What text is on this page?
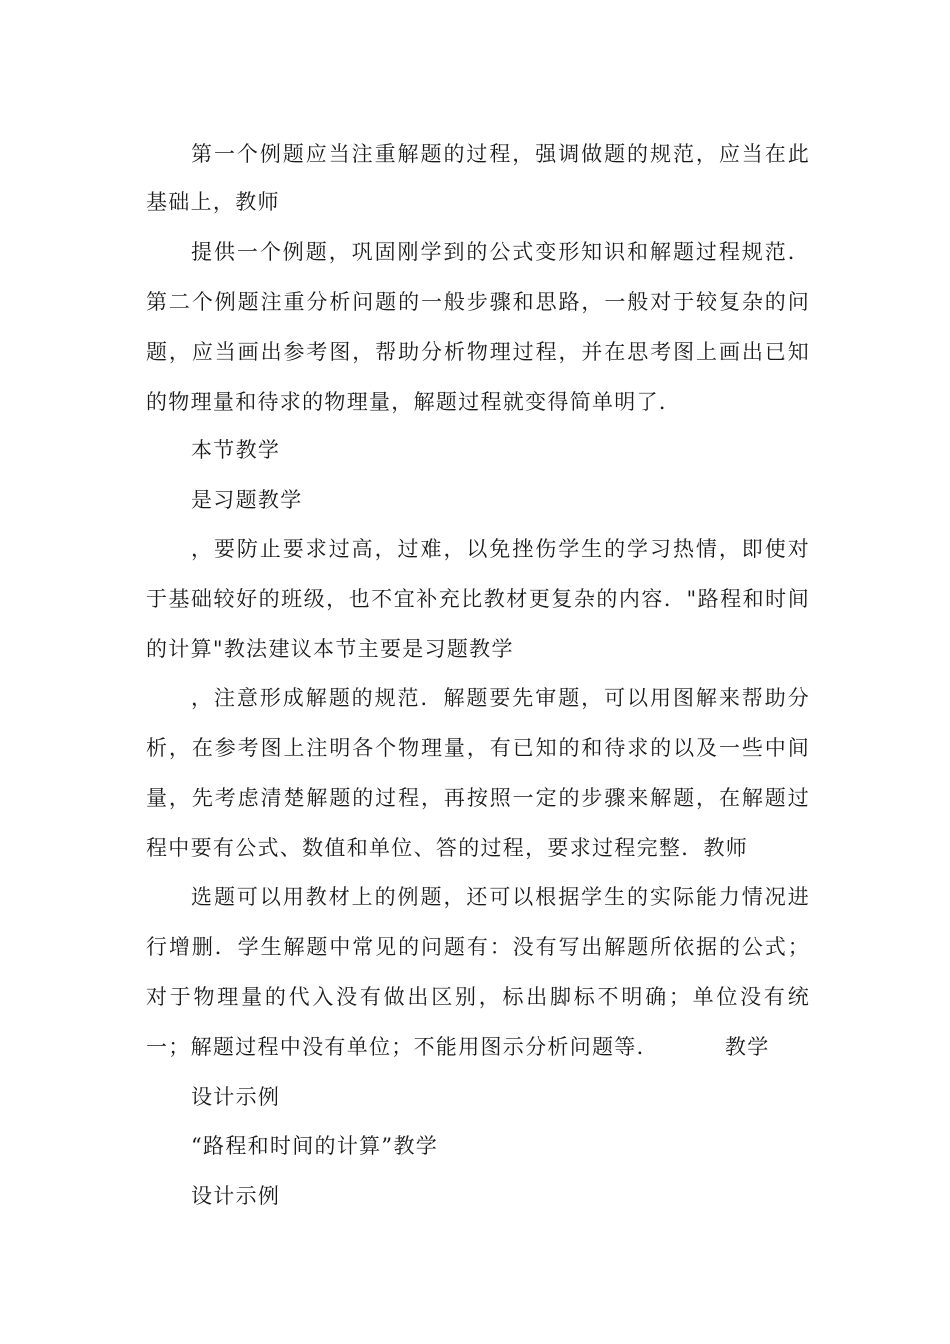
第一个例题应当注重解题的过程，强调做题的规范，应当在此
基础上，教师
提供一个例题，巩固刚学到的公式变形知识和解题过程规范．
第二个例题注重分析问题的一般步骤和思路，一般对于较复杂的问
题，应当画出参考图，帮助分析物理过程，并在思考图上画出已知
的物理量和待求的物理量，解题过程就变得简单明了．
本节教学
是习题教学
，要防止要求过高，过难，以免挫伤学生的学习热情，即使对
于基础较好的班级，也不宜补充比教材更复杂的内容．"路程和时间
的计算"教法建议本节主要是习题教学
，注意形成解题的规范．解题要先审题，可以用图解来帮助分
析，在参考图上注明各个物理量，有已知的和待求的以及一些中间
量，先考虑清楚解题的过程，再按照一定的步骤来解题，在解题过
程中要有公式、数值和单位、答的过程，要求过程完整．教师
选题可以用教材上的例题，还可以根据学生的实际能力情况进
行增删．学生解题中常见的问题有：没有写出解题所依据的公式；
对于物理量的代入没有做出区别，标出脚标不明确；单位没有统
一；解题过程中没有单位；不能用图示分析问题等．	教学
设计示例
“路程和时间的计算”教学
设计示例
